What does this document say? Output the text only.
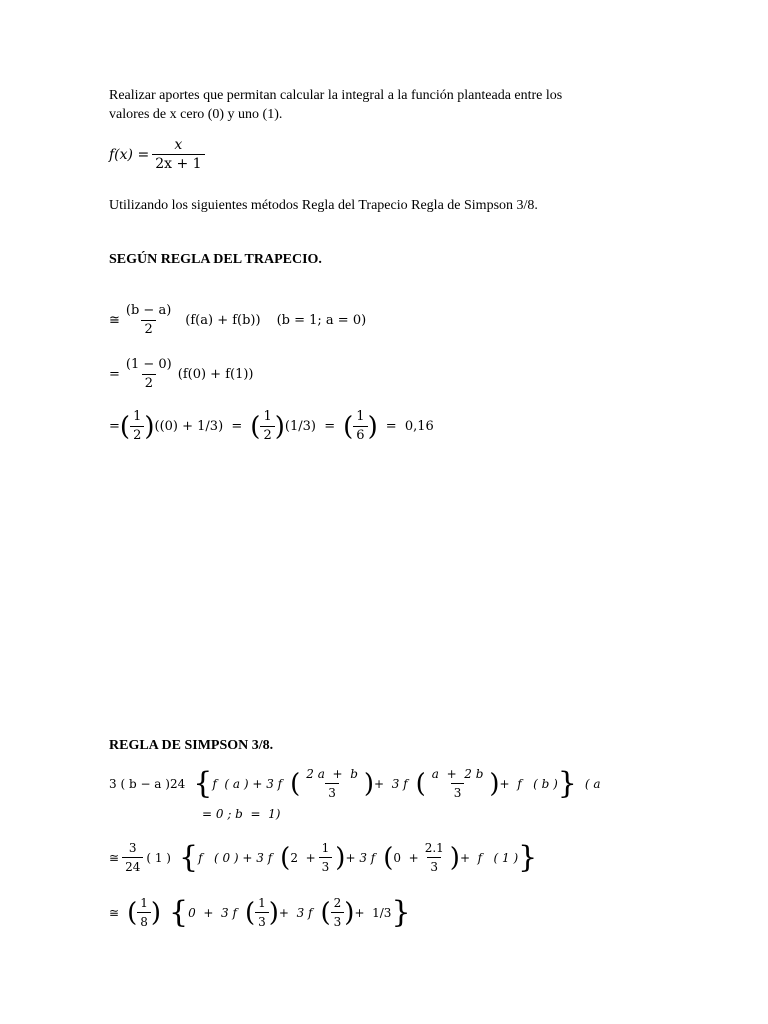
Realizar aportes que permitan calcular la integral a la función planteada entre los
valores de x cero (0) y uno (1).
$f(x) = \frac{x}{2x + 1}$
Utilizando los siguientes métodos Regla del Trapecio Regla de Simpson 3/8.
SEGÚN REGLA DEL TRAPECIO.
≅ $\frac{(b - a)}{2} (f(a) + f(b)) (b = 1$; a = 0)
= $\frac{(1 - 0)}{2} (f(0) + f(1))$
= ( $\frac{1}{2}$ ) ((0) + 1/3)  = ( $\frac{1}{2}$ ) (1/3)  = ( $\frac{1}{6}$ ) =  0,16
REGLA DE SIMPSON 3/8.
3 ( b − a )24 { f  ( a ) + 3 f ( $\frac{2 a + b}{3}$ ) +  3 f ( $\frac{a + 2 b}{3}$ ) +  f   ( b ) } ( a
= 0 ; b  =  1)
≅ $\frac{3}{24}$ ( 1 ) { f   ( 0 ) + 3 f ( $2 + \frac{1}{3}$ ) + 3 f ( $0 + \frac{2.1}{3}$ ) +  f   ( 1 ) }
≅ ( $\frac{1}{8}$ ) { 0  +  3 f ( $\frac{1}{3}$ ) +  3 f ( $\frac{2}{3}$ ) +  1/3 }
